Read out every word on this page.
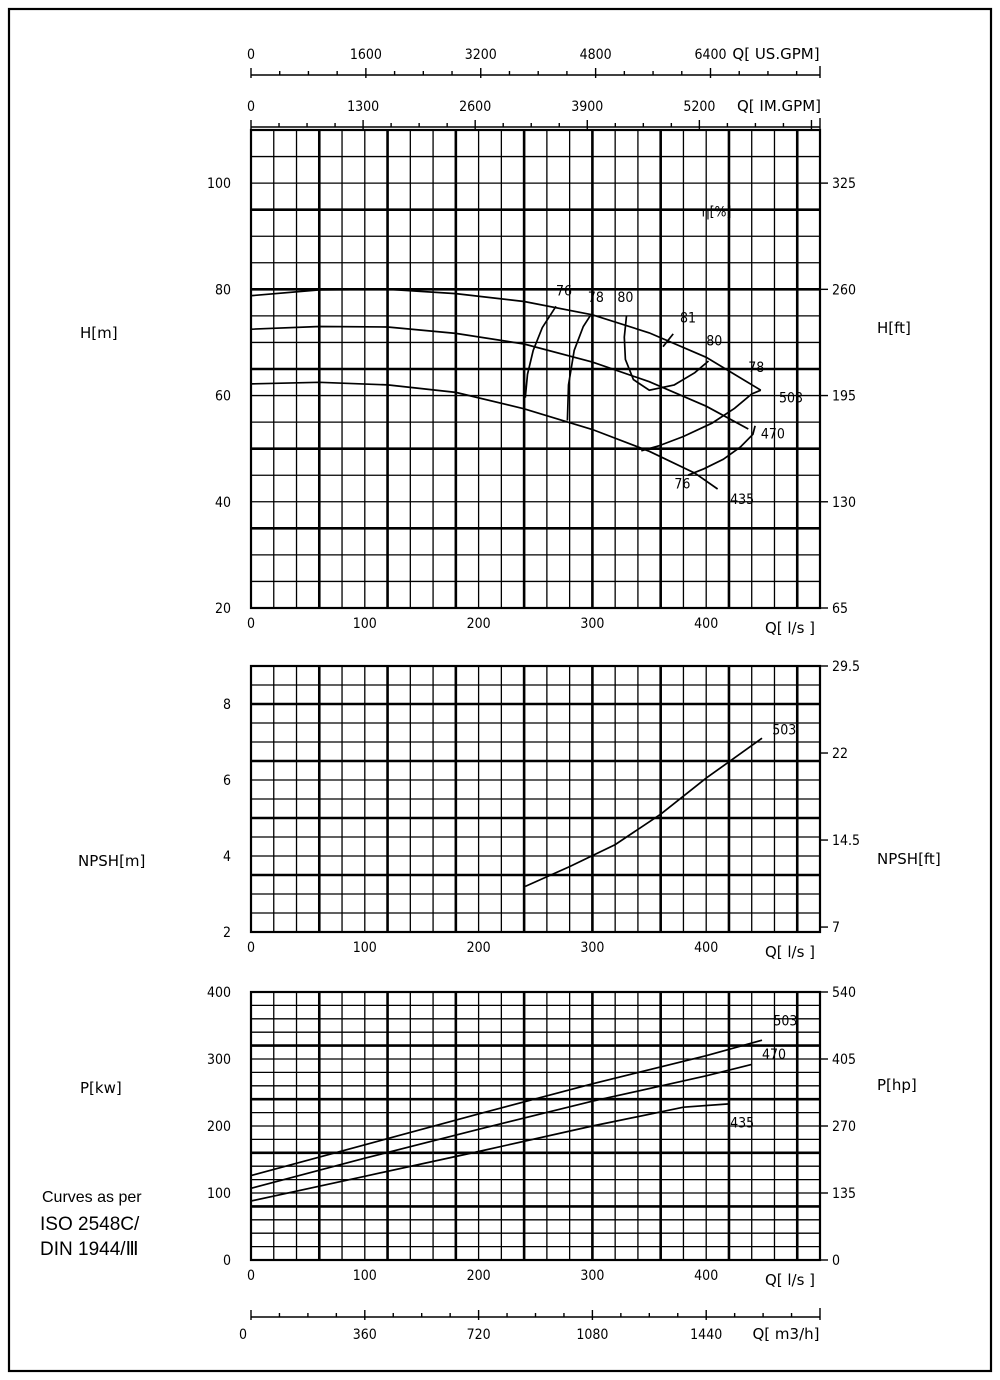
0	100	200	300	400	Q[ l/s ]
20
40
60
80
100
65
130
195
260
325
0	100	200	300	400	Q[ l/s ]
2
4
6
8
7
14.5
22
29.5
0	100	200	300	400	Q[ l/s ]
0
100
200
300
400
0
135
270
405
540
0	1600	3200	4800	6400 Q[ US.GPM]
0	1300	2600	3900	5200 Q[ IM.GPM]
0	360	720	1080	1440 Q[ m3/h]
η[%]
76 78 80
81
80
78
503
470
76
435
503
503
470
435
H[m]	H[ft]
NPSH[m]	NPSH[ft]
P[kw]	P[hp]
Curves as per
ISO 2548C/
DIN 1944/Ⅲ
